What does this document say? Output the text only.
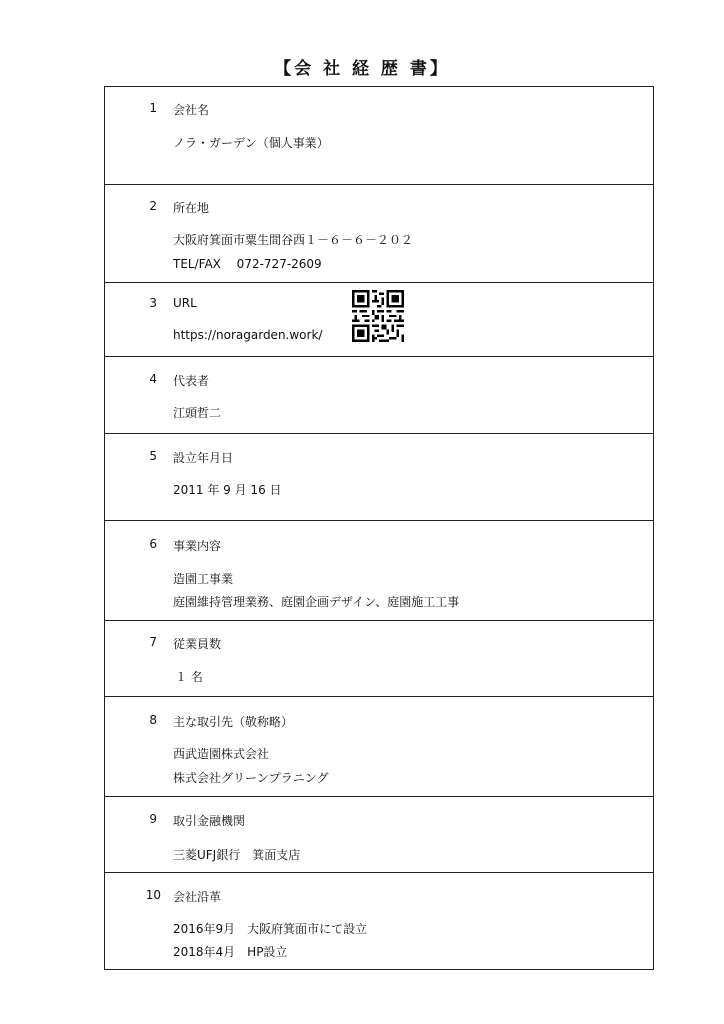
【会 社 経 歴 書】
1 会社名
ノラ・ガーデン（個人事業）
2 所在地
大阪府箕面市粟生間谷西１－６－６－２０２
TEL/FAX　 072-727-2609
3 URL
https://noragarden.work/
4 代表者
江頭哲二
5 設立年月日
2011 年 9 月 16 日
6 事業内容
造園工事業
庭園維持管理業務、庭園企画デザイン、庭園施工工事
7 従業員数
１ 名
8 主な取引先（敬称略）
西武造園株式会社
株式会社グリーンプラニング
9 取引金融機関
三菱UFJ銀行　箕面支店
10 会社沿革
2016年9月　大阪府箕面市にて設立
2018年4月　HP設立
